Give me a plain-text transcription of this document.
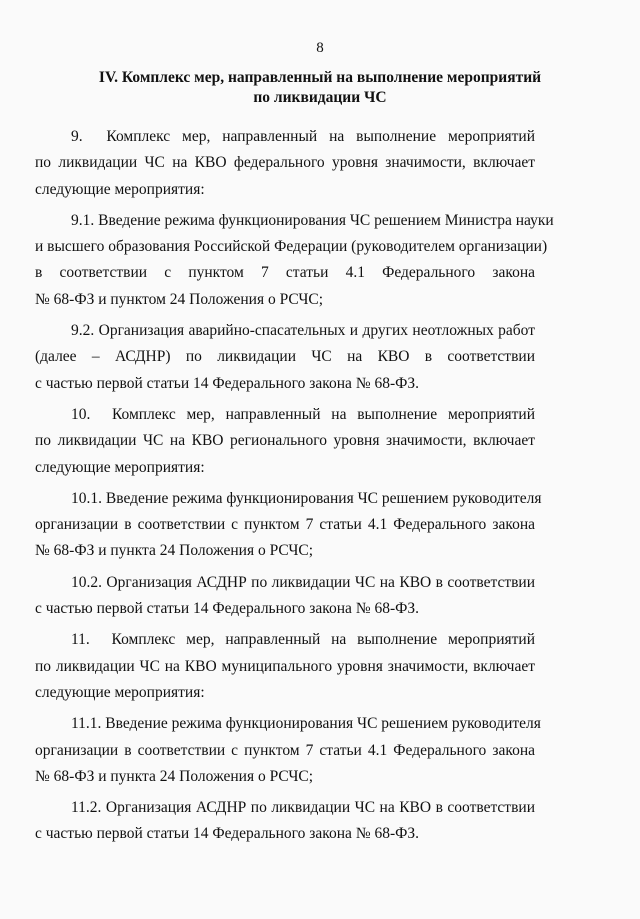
8
IV. Комплекс мер, направленный на выполнение мероприятий
по ликвидации ЧС

9.  Комплекс мер, направленный на выполнение мероприятий
по ликвидации ЧС на КВО федерального уровня значимости, включает
следующие мероприятия:

9.1. Введение режима функционирования ЧС решением Министра науки
и высшего образования Российской Федерации (руководителем организации)
в соответствии с пунктом 7 статьи 4.1 Федерального закона
№ 68-ФЗ и пунктом 24 Положения о РСЧС;

9.2. Организация аварийно-спасательных и других неотложных работ
(далее – АСДНР) по ликвидации ЧС на КВО в соответствии
с частью первой статьи 14 Федерального закона № 68-ФЗ.

10.  Комплекс мер, направленный на выполнение мероприятий
по ликвидации ЧС на КВО регионального уровня значимости, включает
следующие мероприятия:

10.1. Введение режима функционирования ЧС решением руководителя
организации в соответствии с пунктом 7 статьи 4.1 Федерального закона
№ 68-ФЗ и пункта 24 Положения о РСЧС;

10.2. Организация АСДНР по ликвидации ЧС на КВО в соответствии
с частью первой статьи 14 Федерального закона № 68-ФЗ.

11.  Комплекс мер, направленный на выполнение мероприятий
по ликвидации ЧС на КВО муниципального уровня значимости, включает
следующие мероприятия:

11.1. Введение режима функционирования ЧС решением руководителя
организации в соответствии с пунктом 7 статьи 4.1 Федерального закона
№ 68-ФЗ и пункта 24 Положения о РСЧС;

11.2. Организация АСДНР по ликвидации ЧС на КВО в соответствии
с частью первой статьи 14 Федерального закона № 68-ФЗ.
